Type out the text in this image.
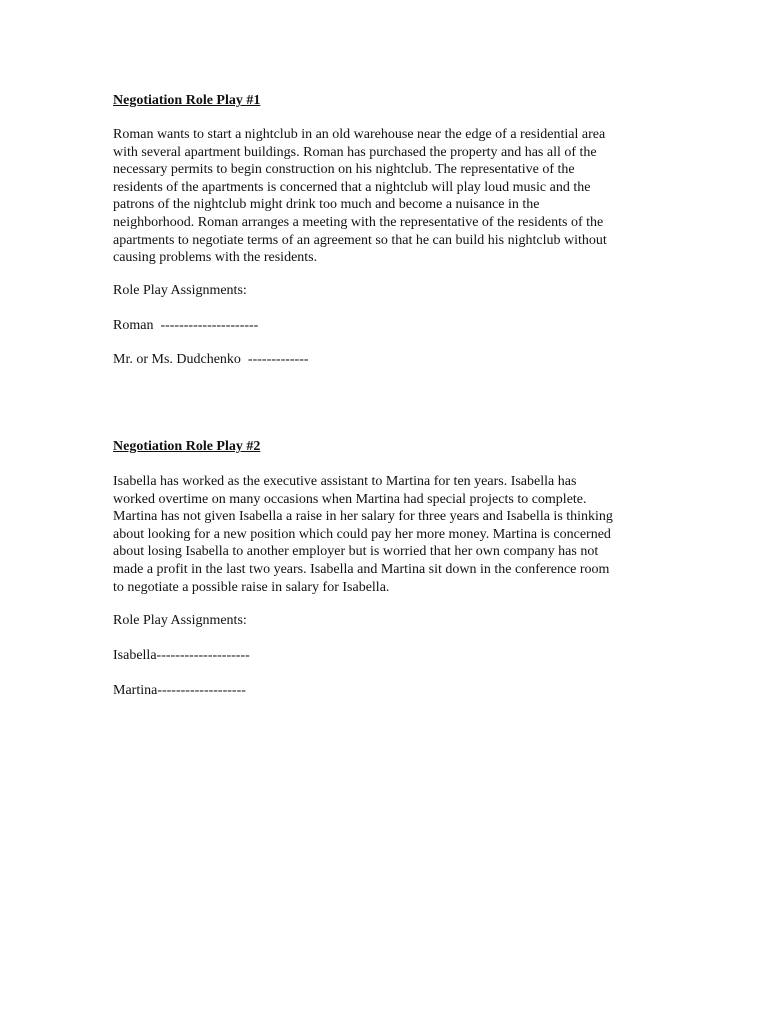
Negotiation Role Play #1
Roman wants to start a nightclub in an old warehouse near the edge of a residential area
with several apartment buildings. Roman has purchased the property and has all of the
necessary permits to begin construction on his nightclub. The representative of the
residents of the apartments is concerned that a nightclub will play loud music and the
patrons of the nightclub might drink too much and become a nuisance in the
neighborhood. Roman arranges a meeting with the representative of the residents of the
apartments to negotiate terms of an agreement so that he can build his nightclub without
causing problems with the residents.
Role Play Assignments:
Roman  ---------------------
Mr. or Ms. Dudchenko  -------------
Negotiation Role Play #2
Isabella has worked as the executive assistant to Martina for ten years. Isabella has
worked overtime on many occasions when Martina had special projects to complete.
Martina has not given Isabella a raise in her salary for three years and Isabella is thinking
about looking for a new position which could pay her more money. Martina is concerned
about losing Isabella to another employer but is worried that her own company has not
made a profit in the last two years. Isabella and Martina sit down in the conference room
to negotiate a possible raise in salary for Isabella.
Role Play Assignments:
Isabella--------------------
Martina-------------------
